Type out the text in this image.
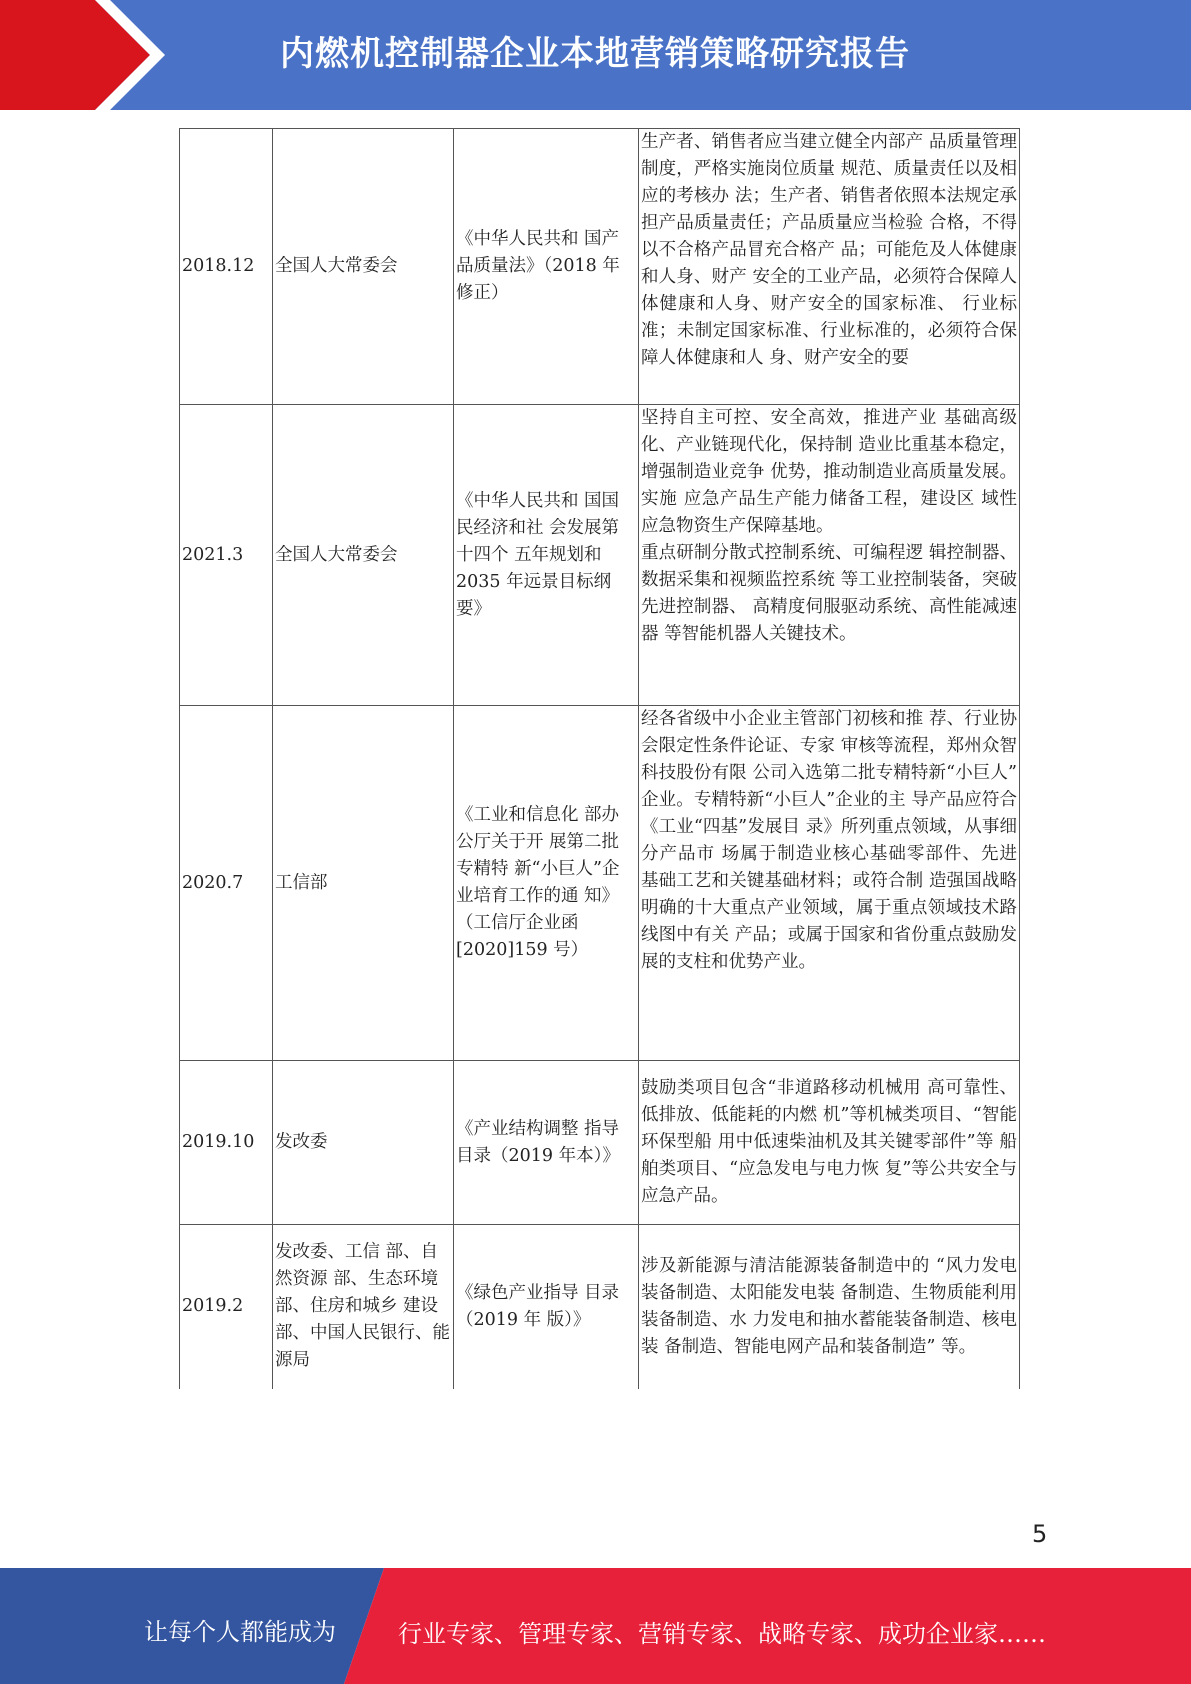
内燃机控制器企业本地营销策略研究报告
2018.12	全国人大常委会	《中华人民共和 国产品质量法》（2018 年修正）	生产者、销售者应当建立健全内部产 品质量管理制度，严格实施岗位质量 规范、质量责任以及相应的考核办 法；生产者、销售者依照本法规定承 担产品质量责任；产品质量应当检验 合格，不得以不合格产品冒充合格产 品；可能危及人体健康和人身、财产 安全的工业产品，必须符合保障人体健康和人身、财产安全的国家标准、 行业标准；未制定国家标准、行业标准的，必须符合保障人体健康和人 身、财产安全的要
2021.3	全国人大常委会	《中华人民共和 国国民经济和社 会发展第十四个 五年规划和 2035 年远景目标纲 要》	坚持自主可控、安全高效，推进产业 基础高级化、产业链现代化，保持制 造业比重基本稳定，增强制造业竞争 优势，推动制造业高质量发展。实施 应急产品生产能力储备工程，建设区 域性应急物资生产保障基地。
重点研制分散式控制系统、可编程逻 辑控制器、数据采集和视频监控系统 等工业控制装备，突破先进控制器、 高精度伺服驱动系统、高性能减速器 等智能机器人关键技术。

2020.7	工信部	《工业和信息化 部办公厅关于开 展第二批专精特 新“小巨人”企 业培育工作的通 知》（工信厅企业函[2020]159 号）	经各省级中小企业主管部门初核和推 荐、行业协会限定性条件论证、专家 审核等流程，郑州众智科技股份有限 公司入选第二批专精特新“小巨人” 企业。专精特新“小巨人”企业的主 导产品应符合《工业“四基”发展目 录》所列重点领域，从事细分产品市 场属于制造业核心基础零部件、先进 基础工艺和关键基础材料；或符合制 造强国战略明确的十大重点产业领域，属于重点领域技术路线图中有关 产品；或属于国家和省份重点鼓励发 展的支柱和优势产业。
2019.10	发改委	《产业结构调整 指导目录（2019 年本）》	鼓励类项目包含“非道路移动机械用 高可靠性、低排放、低能耗的内燃 机”等机械类项目、“智能环保型船 用中低速柴油机及其关键零部件”等 船舶类项目、“应急发电与电力恢 复”等公共安全与应急产品。
2019.2	发改委、工信 部、自然资源 部、生态环境 部、住房和城乡 建设部、中国人民银行、能源局	《绿色产业指导 目录（2019 年 版）》	涉及新能源与清洁能源装备制造中的 “风力发电装备制造、太阳能发电装 备制造、生物质能利用装备制造、水 力发电和抽水蓄能装备制造、核电装 备制造、智能电网产品和装备制造” 等。
5
让每个人都能成为	行业专家、管理专家、营销专家、战略专家、成功企业家……
